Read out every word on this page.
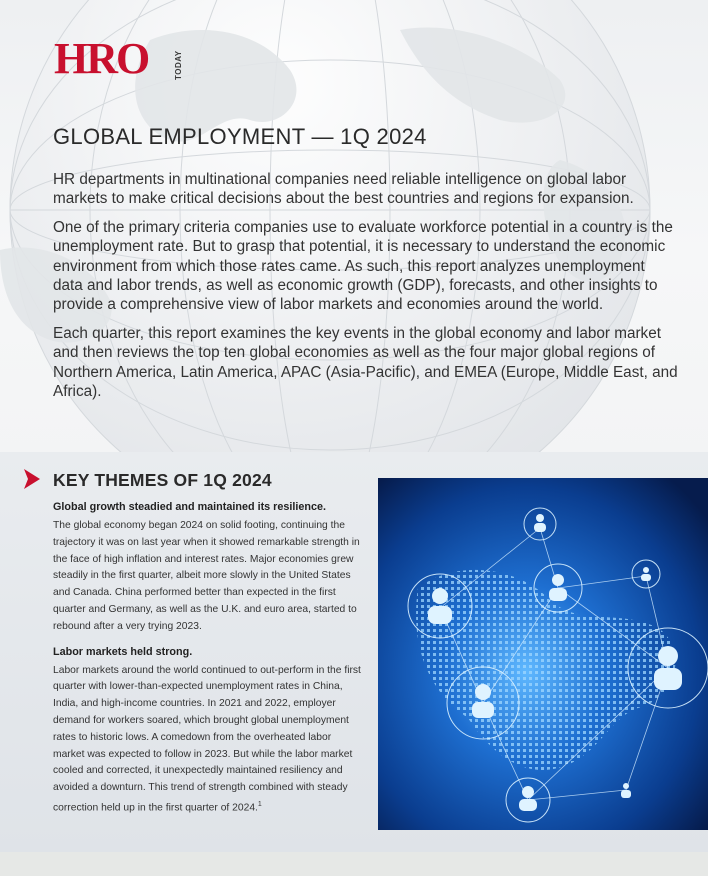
HRO	TODAY
GLOBAL EMPLOYMENT — 1Q 2024

HR departments in multinational companies need reliable intelligence on global labor markets to make critical decisions about the best countries and regions for expansion.

One of the primary criteria companies use to evaluate workforce potential in a country is the unemployment rate. But to grasp that potential, it is necessary to understand the economic environment from which those rates came. As such, this report analyzes unemployment data and labor trends, as well as economic growth (GDP), forecasts, and other insights to provide a comprehensive view of labor markets and economies around the world.

Each quarter, this report examines the key events in the global economy and labor market and then reviews the top ten global economies as well as the four major global regions of Northern America, Latin America, APAC (Asia-Pacific), and EMEA (Europe, Middle East, and Africa).

KEY THEMES OF 1Q 2024
Global growth steadied and maintained its resilience.

The global economy began 2024 on solid footing, continuing the trajectory it was on last year when it showed remarkable strength in the face of high inflation and interest rates. Major economies grew steadily in the first quarter, albeit more slowly in the United States and Canada. China performed better than expected in the first quarter and Germany, as well as the U.K. and euro area, started to rebound after a very trying 2023.

Labor markets held strong.

Labor markets around the world continued to out-perform in the first quarter with lower-than-expected unemployment rates in China, India, and high-income countries. In 2021 and 2022, employer demand for workers soared, which brought global unemployment rates to historic lows. A comedown from the overheated labor market was expected to follow in 2023. But while the labor market cooled and corrected, it unexpectedly maintained resiliency and avoided a downturn. This trend of strength combined with steady correction held up in the first quarter of 2024.$^1$
